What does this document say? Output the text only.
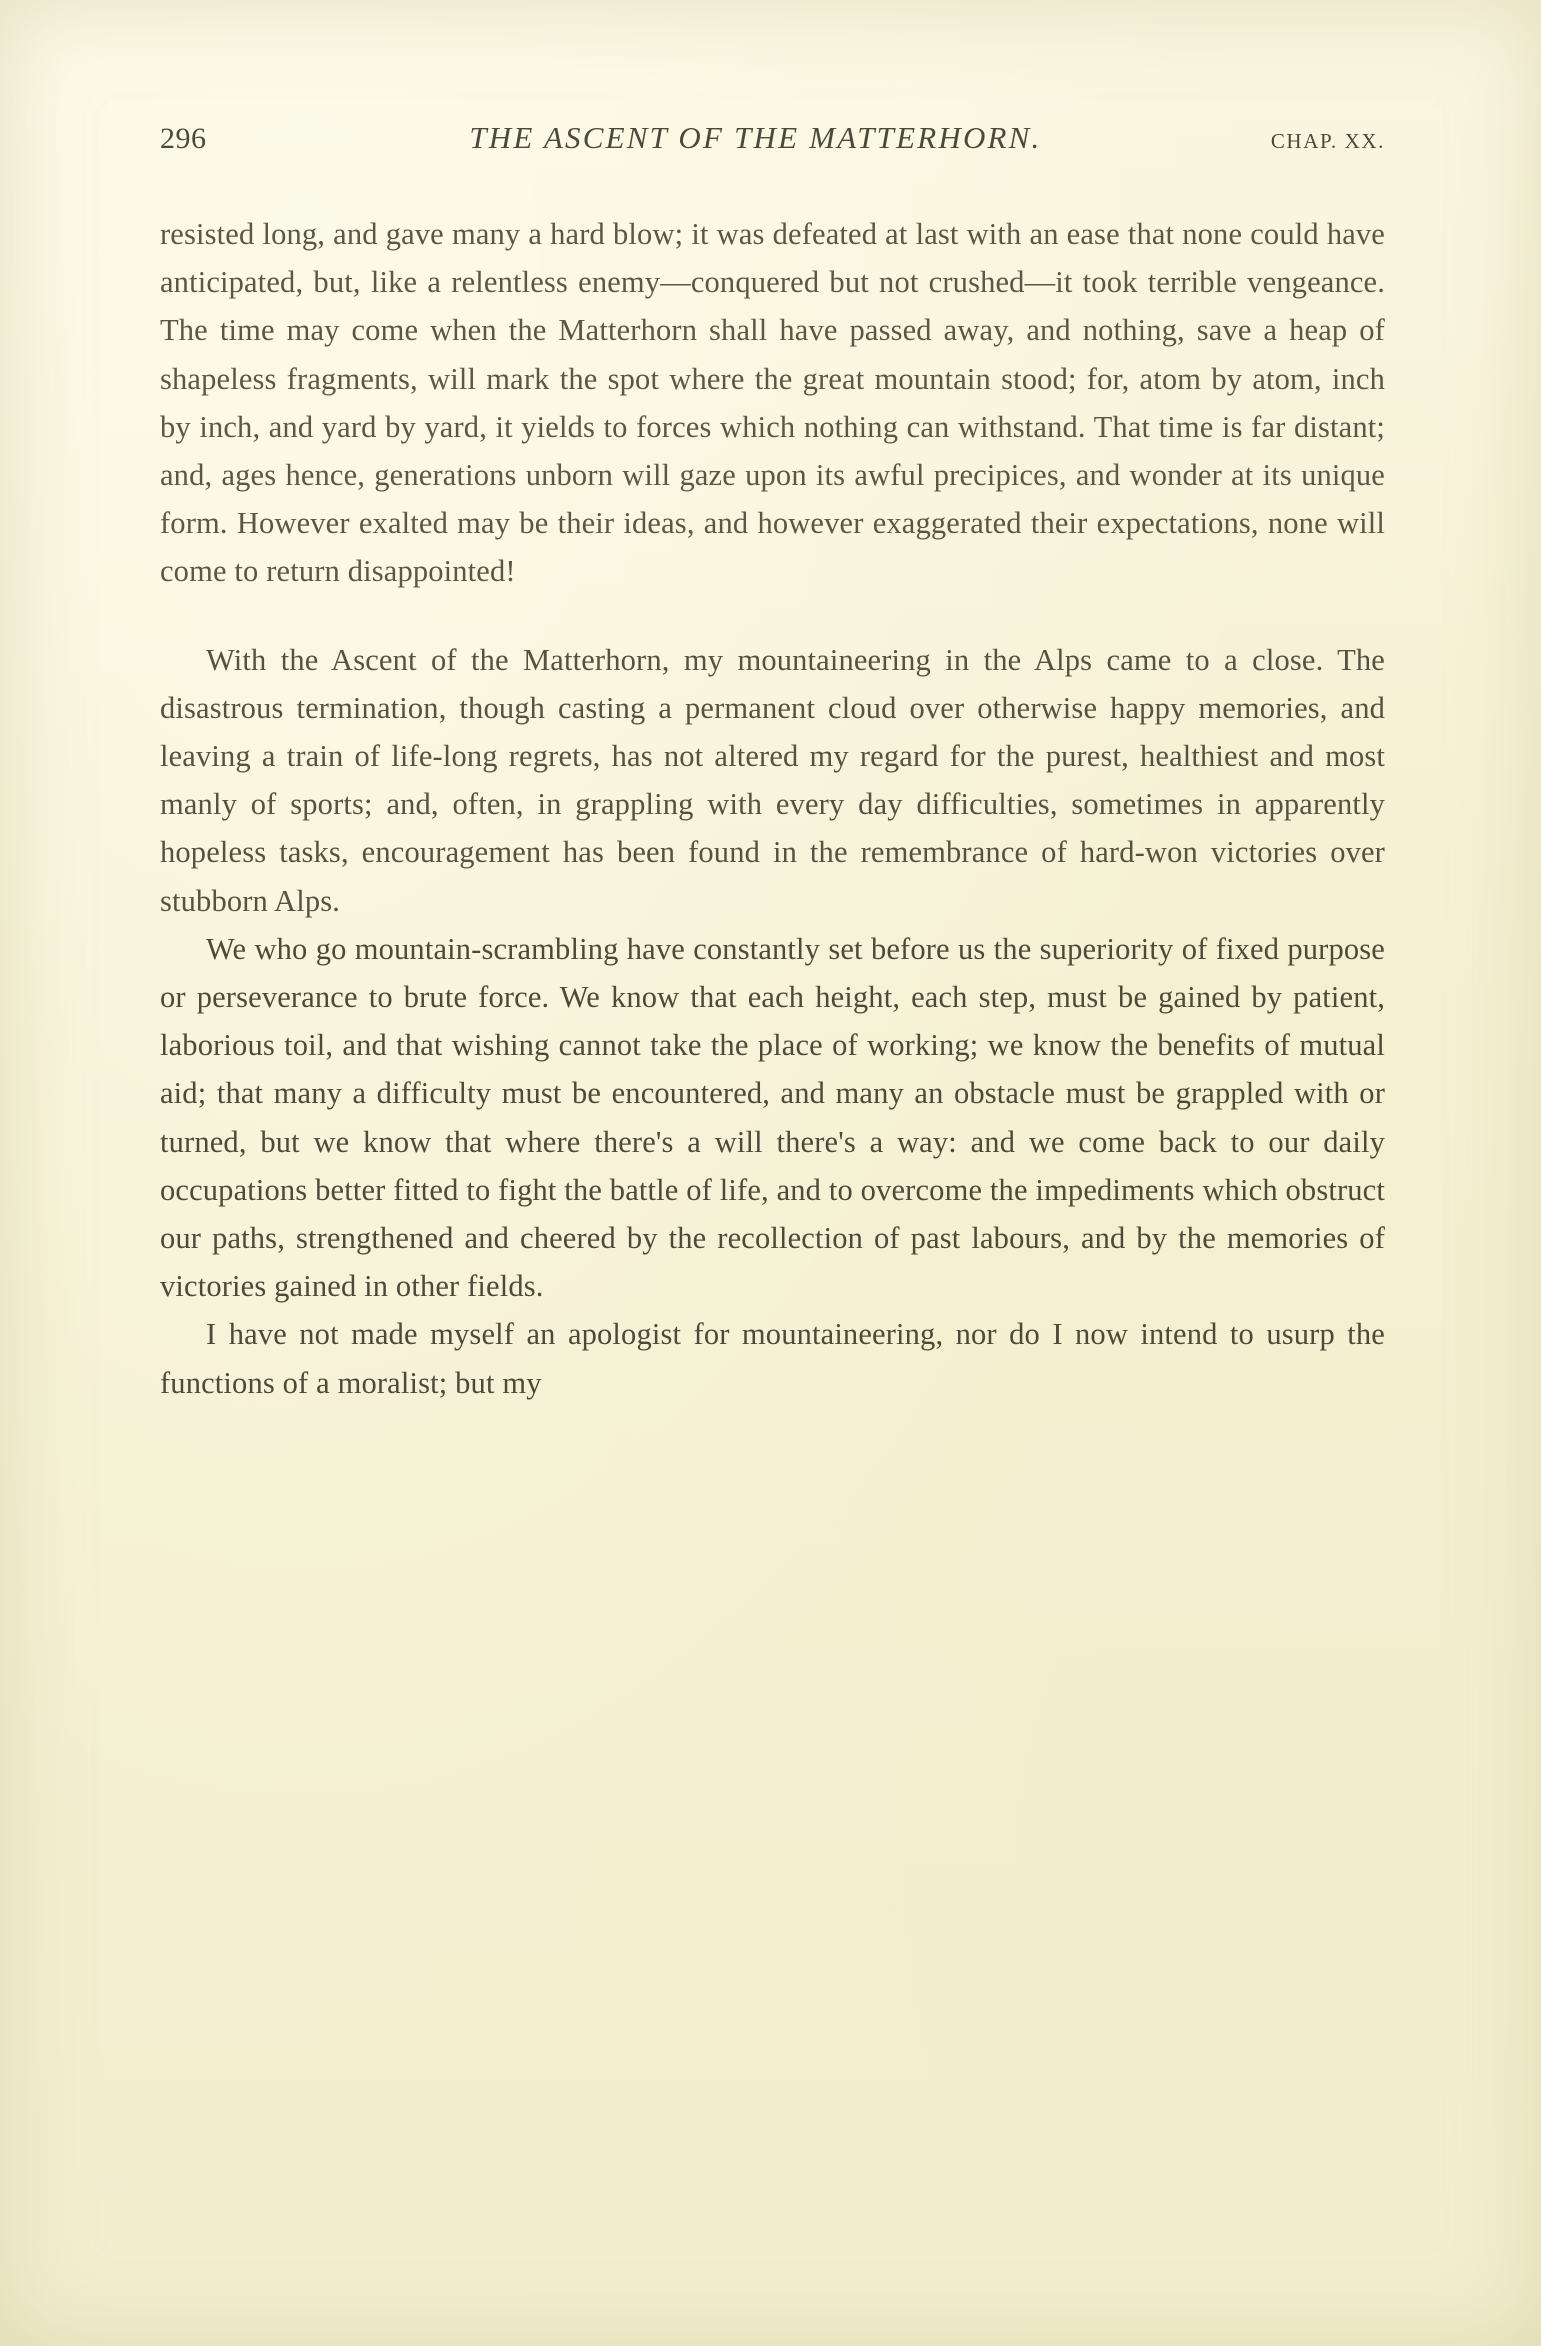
296	THE ASCENT OF THE MATTERHORN.	CHAP. XX.

resisted long, and gave many a hard blow; it was defeated at last with an ease that none could have anticipated, but, like a relentless enemy—conquered but not crushed—it took terrible vengeance. The time may come when the Matterhorn shall have passed away, and nothing, save a heap of shapeless fragments, will mark the spot where the great mountain stood; for, atom by atom, inch by inch, and yard by yard, it yields to forces which nothing can withstand. That time is far distant; and, ages hence, generations unborn will gaze upon its awful precipices, and wonder at its unique form. However exalted may be their ideas, and however exaggerated their expectations, none will come to return disappointed!

With the Ascent of the Matterhorn, my mountaineering in the Alps came to a close. The disastrous termination, though casting a permanent cloud over otherwise happy memories, and leaving a train of life-long regrets, has not altered my regard for the purest, healthiest and most manly of sports; and, often, in grappling with every day difficulties, sometimes in apparently hopeless tasks, encouragement has been found in the remembrance of hard-won victories over stubborn Alps.

We who go mountain-scrambling have constantly set before us the superiority of fixed purpose or perseverance to brute force. We know that each height, each step, must be gained by patient, laborious toil, and that wishing cannot take the place of working; we know the benefits of mutual aid; that many a difficulty must be encountered, and many an obstacle must be grappled with or turned, but we know that where there's a will there's a way: and we come back to our daily occupations better fitted to fight the battle of life, and to overcome the impediments which obstruct our paths, strengthened and cheered by the recollection of past labours, and by the memories of victories gained in other fields.

I have not made myself an apologist for mountaineering, nor do I now intend to usurp the functions of a moralist; but my
